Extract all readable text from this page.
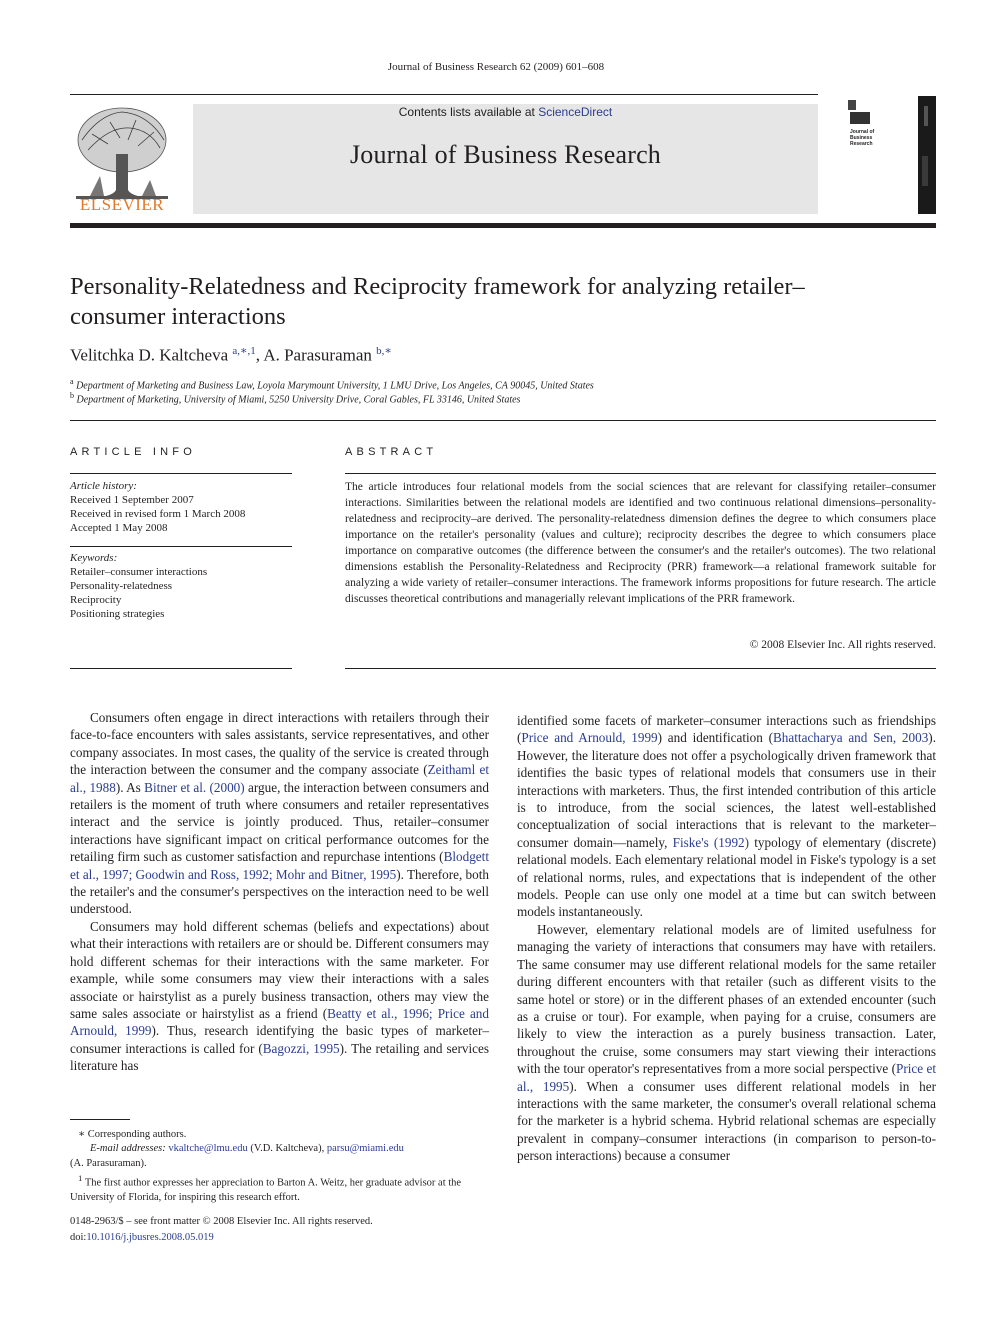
Journal of Business Research 62 (2009) 601–608
Contents lists available at ScienceDirect
Journal of Business Research
ELSEVIER
Journal of Business Research
Personality-Relatedness and Reciprocity framework for analyzing retailer–consumer interactions
Velitchka D. Kaltcheva $^{a,∗,1}$, A. Parasuraman $^{b,∗}$
$^a$ Department of Marketing and Business Law, Loyola Marymount University, 1 LMU Drive, Los Angeles, CA 90045, United States
$^b$ Department of Marketing, University of Miami, 5250 University Drive, Coral Gables, FL 33146, United States
ARTICLE INFO
Article history:
Received 1 September 2007
Received in revised form 1 March 2008
Accepted 1 May 2008
Keywords:
Retailer–consumer interactions
Personality-relatedness
Reciprocity
Positioning strategies
ABSTRACT
The article introduces four relational models from the social sciences that are relevant for classifying retailer–consumer interactions. Similarities between the relational models are identified and two continuous relational dimensions–personality-relatedness and reciprocity–are derived. The personality-relatedness dimension defines the degree to which consumers place importance on the retailer's personality (values and culture); reciprocity describes the degree to which consumers place importance on comparative outcomes (the difference between the consumer's and the retailer's outcomes). The two relational dimensions establish the Personality-Relatedness and Reciprocity (PRR) framework—a relational framework suitable for analyzing a wide variety of retailer–consumer interactions. The framework informs propositions for future research. The article discusses theoretical contributions and managerially relevant implications of the PRR framework.
© 2008 Elsevier Inc. All rights reserved.

Consumers often engage in direct interactions with retailers through their face-to-face encounters with sales assistants, service representatives, and other company associates. In most cases, the quality of the service is created through the interaction between the consumer and the company associate (Zeithaml et al., 1988). As Bitner et al. (2000) argue, the interaction between consumers and retailers is the moment of truth where consumers and retailer representatives interact and the service is jointly produced. Thus, retailer–consumer interactions have significant impact on critical performance outcomes for the retailing firm such as customer satisfaction and repurchase intentions (Blodgett et al., 1997; Goodwin and Ross, 1992; Mohr and Bitner, 1995). Therefore, both the retailer's and the consumer's perspectives on the interaction need to be well understood.

Consumers may hold different schemas (beliefs and expectations) about what their interactions with retailers are or should be. Different consumers may hold different schemas for their interactions with the same marketer. For example, while some consumers may view their interactions with a sales associate or hairstylist as a purely business transaction, others may view the same sales associate or hairstylist as a friend (Beatty et al., 1996; Price and Arnould, 1999). Thus, research identifying the basic types of marketer–consumer interactions is called for (Bagozzi, 1995). The retailing and services literature has

identified some facets of marketer–consumer interactions such as friendships (Price and Arnould, 1999) and identification (Bhattacharya and Sen, 2003). However, the literature does not offer a psychologically driven framework that identifies the basic types of relational models that consumers use in their interactions with marketers. Thus, the first intended contribution of this article is to introduce, from the social sciences, the latest well-established conceptualization of social interactions that is relevant to the marketer–consumer domain—namely, Fiske's (1992) typology of elementary (discrete) relational models. Each elementary relational model in Fiske's typology is a set of relational norms, rules, and expectations that is independent of the other models. People can use only one model at a time but can switch between models instantaneously.

However, elementary relational models are of limited usefulness for managing the variety of interactions that consumers may have with retailers. The same consumer may use different relational models for the same retailer during different encounters with that retailer (such as different visits to the same hotel or store) or in the different phases of an extended encounter (such as a cruise or tour). For example, when paying for a cruise, consumers are likely to view the interaction as a purely business transaction. Later, throughout the cruise, some consumers may start viewing their interactions with the tour operator's representatives from a more social perspective (Price et al., 1995). When a consumer uses different relational models in her interactions with the same marketer, the consumer's overall relational schema for the marketer is a hybrid schema. Hybrid relational schemas are especially prevalent in company–consumer interactions (in comparison to person-to-person interactions) because a consumer

∗ Corresponding authors.
E-mail addresses: vkaltche@lmu.edu (V.D. Kaltcheva), parsu@miami.edu
(A. Parasuraman).
$^1$ The first author expresses her appreciation to Barton A. Weitz, her graduate advisor at the University of Florida, for inspiring this research effort.
0148-2963/$ – see front matter © 2008 Elsevier Inc. All rights reserved.
doi:10.1016/j.jbusres.2008.05.019
